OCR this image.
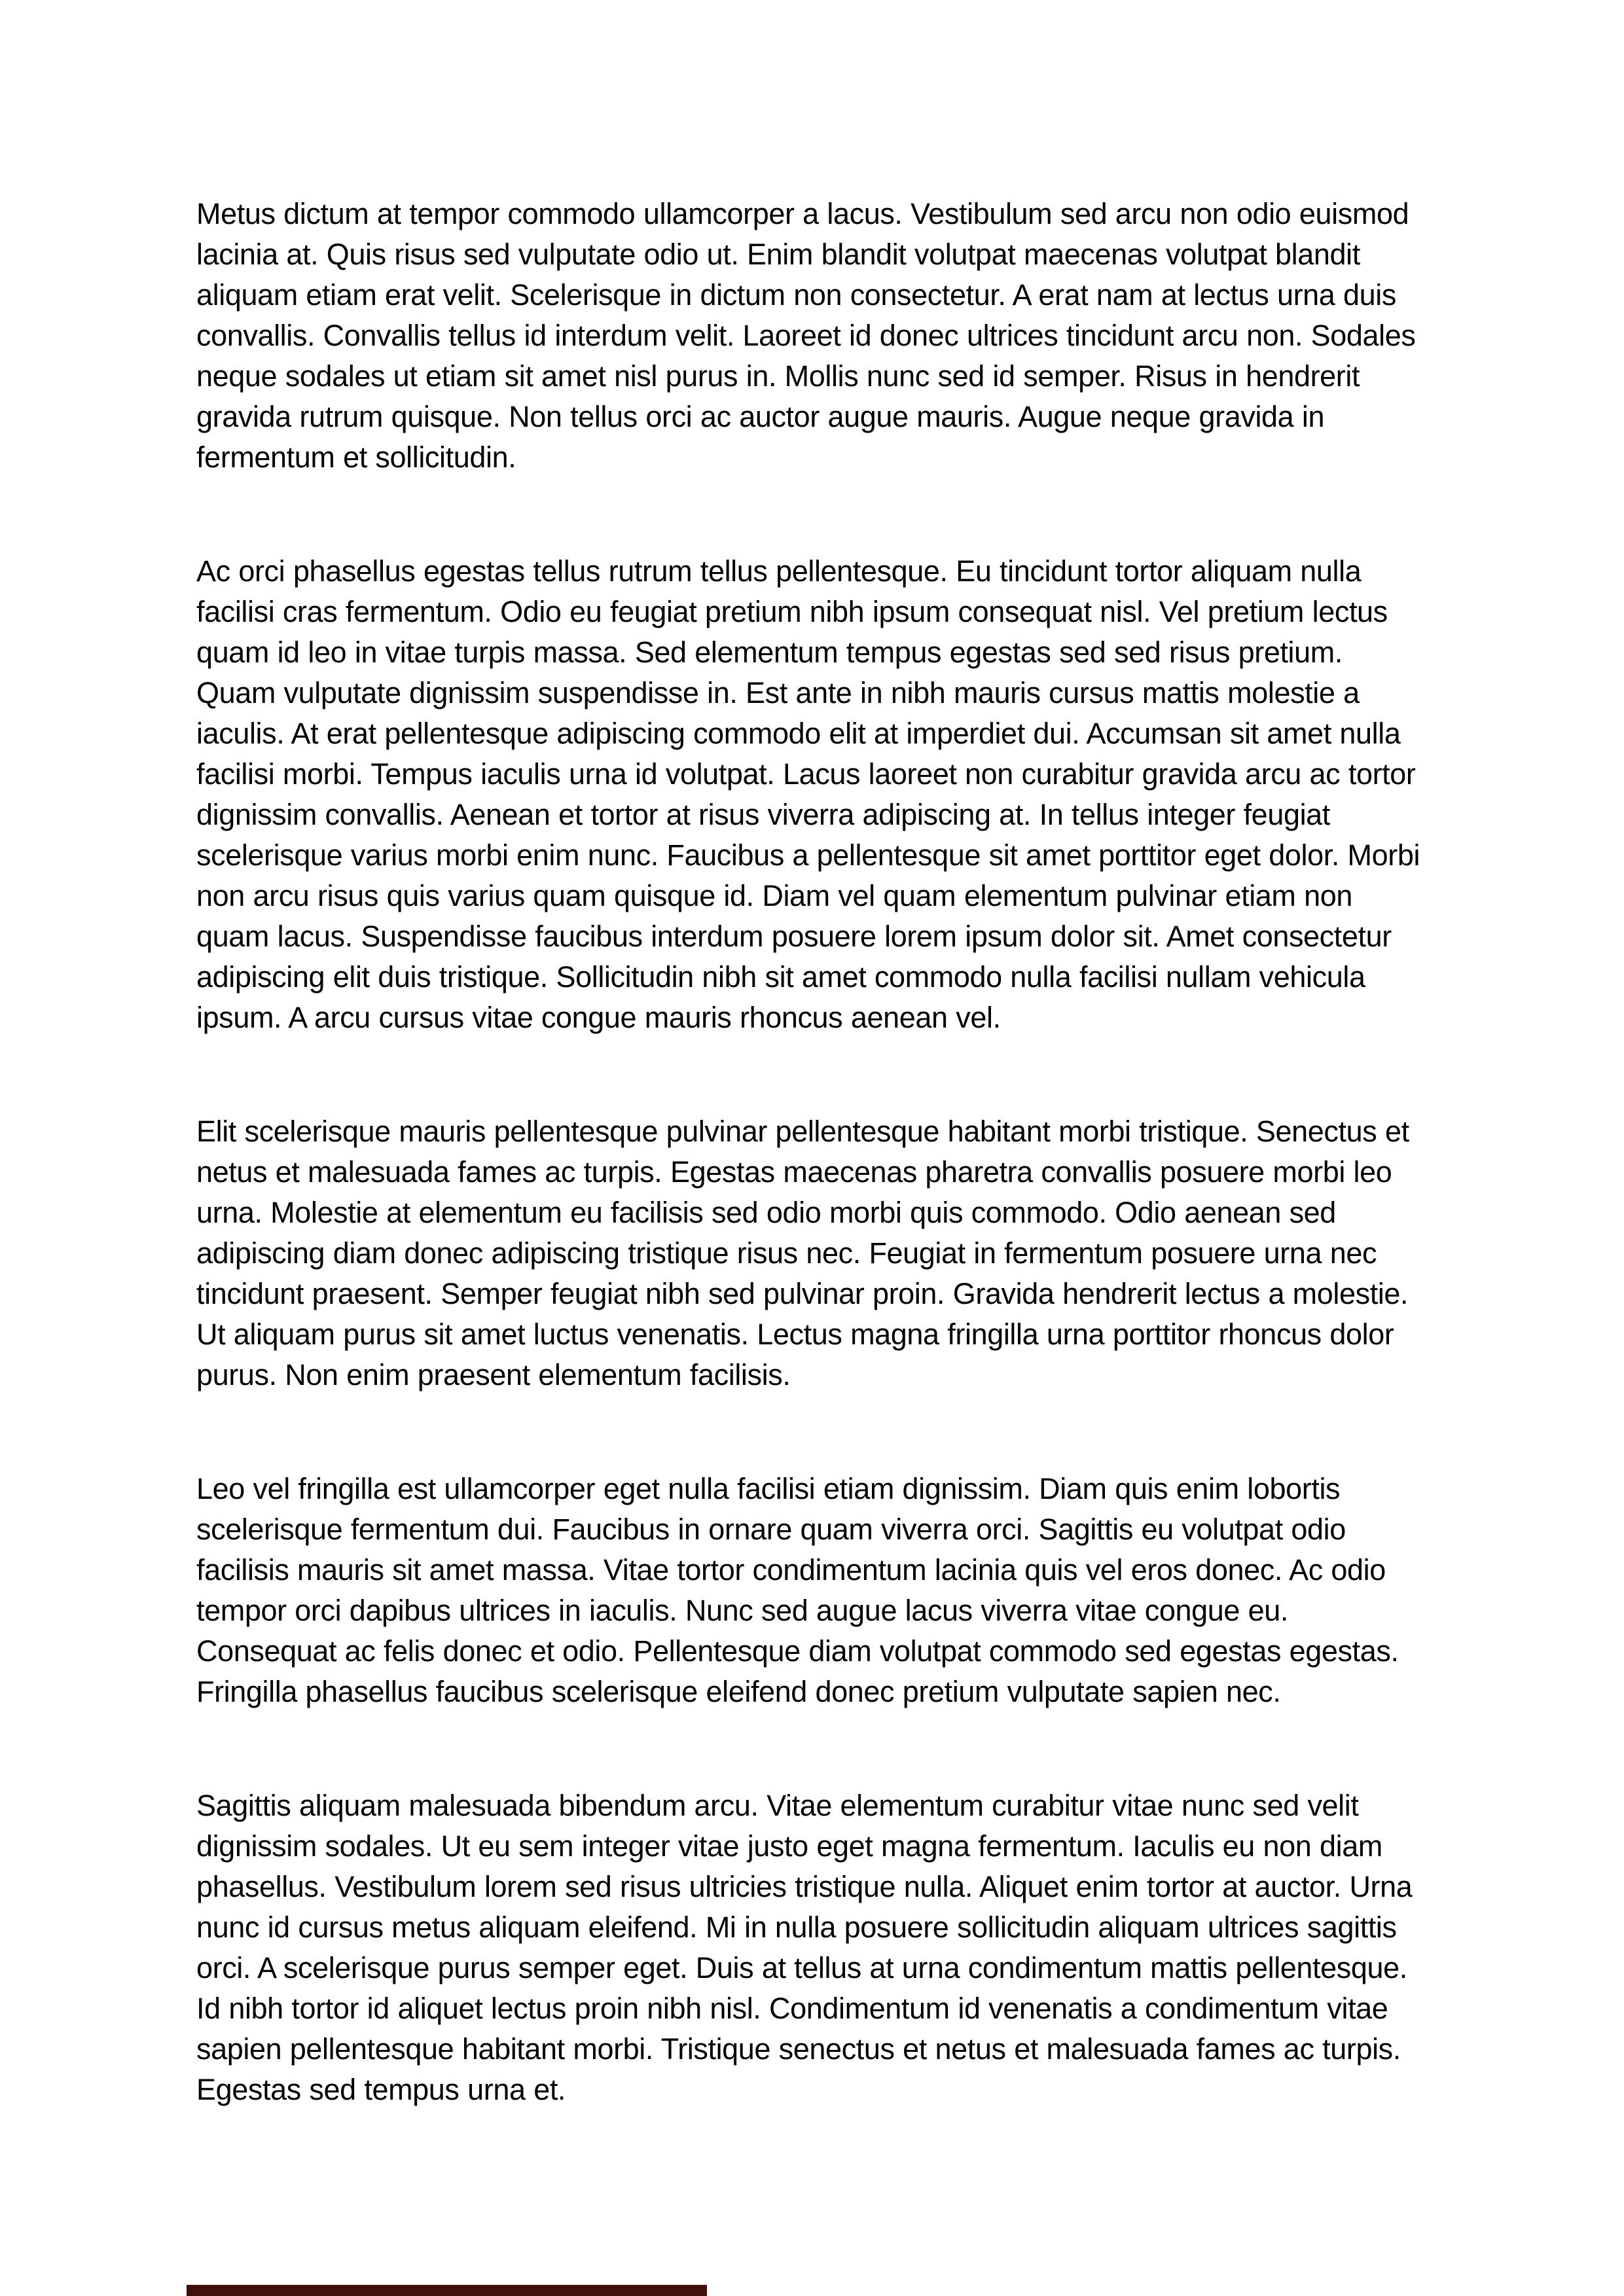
Metus dictum at tempor commodo ullamcorper a lacus. Vestibulum sed arcu non odio euismod lacinia at. Quis risus sed vulputate odio ut. Enim blandit volutpat maecenas volutpat blandit aliquam etiam erat velit. Scelerisque in dictum non consectetur. A erat nam at lectus urna duis convallis. Convallis tellus id interdum velit. Laoreet id donec ultrices tincidunt arcu non. Sodales neque sodales ut etiam sit amet nisl purus in. Mollis nunc sed id semper. Risus in hendrerit gravida rutrum quisque. Non tellus orci ac auctor augue mauris. Augue neque gravida in fermentum et sollicitudin.

Ac orci phasellus egestas tellus rutrum tellus pellentesque. Eu tincidunt tortor aliquam nulla facilisi cras fermentum. Odio eu feugiat pretium nibh ipsum consequat nisl. Vel pretium lectus quam id leo in vitae turpis massa. Sed elementum tempus egestas sed sed risus pretium. Quam vulputate dignissim suspendisse in. Est ante in nibh mauris cursus mattis molestie a iaculis. At erat pellentesque adipiscing commodo elit at imperdiet dui. Accumsan sit amet nulla facilisi morbi. Tempus iaculis urna id volutpat. Lacus laoreet non curabitur gravida arcu ac tortor dignissim convallis. Aenean et tortor at risus viverra adipiscing at. In tellus integer feugiat scelerisque varius morbi enim nunc. Faucibus a pellentesque sit amet porttitor eget dolor. Morbi non arcu risus quis varius quam quisque id. Diam vel quam elementum pulvinar etiam non quam lacus. Suspendisse faucibus interdum posuere lorem ipsum dolor sit. Amet consectetur adipiscing elit duis tristique. Sollicitudin nibh sit amet commodo nulla facilisi nullam vehicula ipsum. A arcu cursus vitae congue mauris rhoncus aenean vel.

Elit scelerisque mauris pellentesque pulvinar pellentesque habitant morbi tristique. Senectus et netus et malesuada fames ac turpis. Egestas maecenas pharetra convallis posuere morbi leo urna. Molestie at elementum eu facilisis sed odio morbi quis commodo. Odio aenean sed adipiscing diam donec adipiscing tristique risus nec. Feugiat in fermentum posuere urna nec tincidunt praesent. Semper feugiat nibh sed pulvinar proin. Gravida hendrerit lectus a molestie. Ut aliquam purus sit amet luctus venenatis. Lectus magna fringilla urna porttitor rhoncus dolor purus. Non enim praesent elementum facilisis.

Leo vel fringilla est ullamcorper eget nulla facilisi etiam dignissim. Diam quis enim lobortis scelerisque fermentum dui. Faucibus in ornare quam viverra orci. Sagittis eu volutpat odio facilisis mauris sit amet massa. Vitae tortor condimentum lacinia quis vel eros donec. Ac odio tempor orci dapibus ultrices in iaculis. Nunc sed augue lacus viverra vitae congue eu. Consequat ac felis donec et odio. Pellentesque diam volutpat commodo sed egestas egestas. Fringilla phasellus faucibus scelerisque eleifend donec pretium vulputate sapien nec.

Sagittis aliquam malesuada bibendum arcu. Vitae elementum curabitur vitae nunc sed velit dignissim sodales. Ut eu sem integer vitae justo eget magna fermentum. Iaculis eu non diam phasellus. Vestibulum lorem sed risus ultricies tristique nulla. Aliquet enim tortor at auctor. Urna nunc id cursus metus aliquam eleifend. Mi in nulla posuere sollicitudin aliquam ultrices sagittis orci. A scelerisque purus semper eget. Duis at tellus at urna condimentum mattis pellentesque. Id nibh tortor id aliquet lectus proin nibh nisl. Condimentum id venenatis a condimentum vitae sapien pellentesque habitant morbi. Tristique senectus et netus et malesuada fames ac turpis. Egestas sed tempus urna et.
